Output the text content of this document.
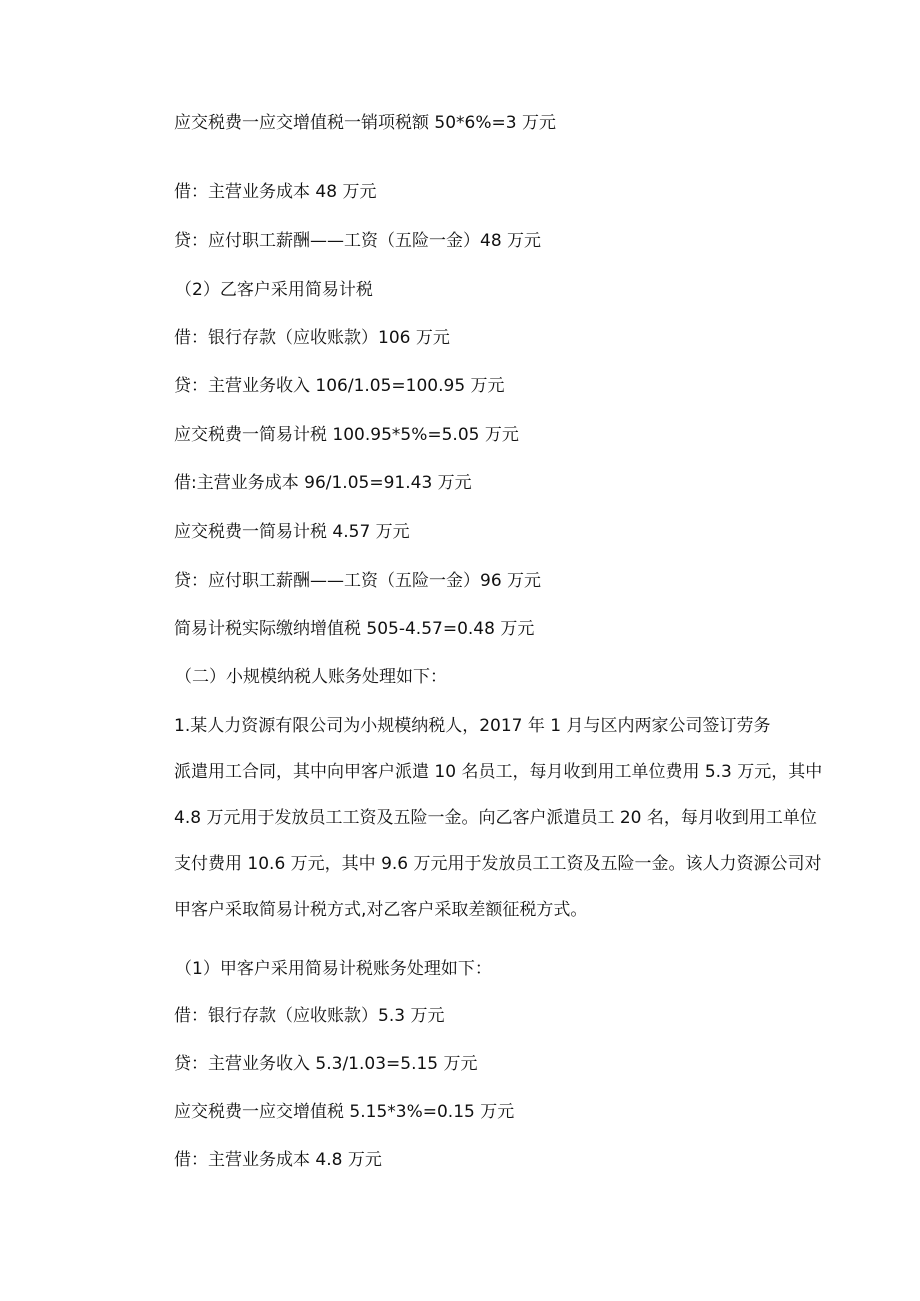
应交税费一应交增值税一销项税额 50*6%=3 万元
借：主营业务成本 48 万元
贷：应付职工薪酬——工资（五险一金）48 万元
（2）乙客户采用简易计税
借：银行存款（应收账款）106 万元
贷：主营业务收入 106/1.05=100.95 万元
应交税费一简易计税 100.95*5%=5.05 万元
借:主营业务成本 96/1.05=91.43 万元
应交税费一简易计税 4.57 万元
贷：应付职工薪酬——工资（五险一金）96 万元
简易计税实际缴纳增值税 505-4.57=0.48 万元
（二）小规模纳税人账务处理如下：
1.某人力资源有限公司为小规模纳税人，2017 年 1 月与区内两家公司签订劳务
派遣用工合同，其中向甲客户派遣 10 名员工，每月收到用工单位费用 5.3 万元，其中
4.8 万元用于发放员工工资及五险一金。向乙客户派遣员工 20 名，每月收到用工单位
支付费用 10.6 万元，其中 9.6 万元用于发放员工工资及五险一金。该人力资源公司对
甲客户采取简易计税方式,对乙客户采取差额征税方式。
（1）甲客户采用简易计税账务处理如下：
借：银行存款（应收账款）5.3 万元
贷：主营业务收入 5.3/1.03=5.15 万元
应交税费一应交增值税 5.15*3%=0.15 万元
借：主营业务成本 4.8 万元
